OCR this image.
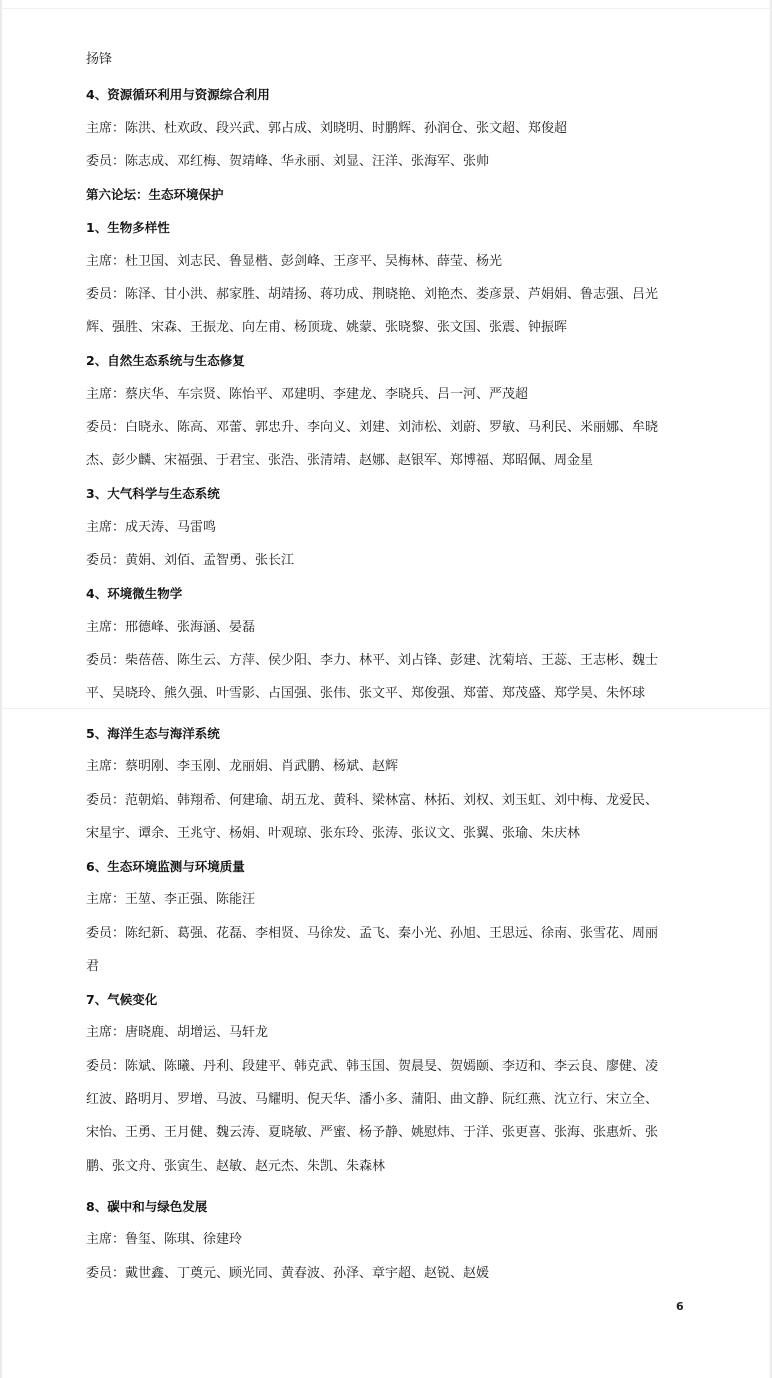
扬锋
4、资源循环利用与资源综合利用
主席：陈洪、杜欢政、段兴武、郭占成、刘晓明、时鹏辉、孙润仓、张文超、郑俊超
委员：陈志成、邓红梅、贺靖峰、华永丽、刘显、汪洋、张海军、张帅
第六论坛：生态环境保护
1、生物多样性
主席：杜卫国、刘志民、鲁显楷、彭剑峰、王彦平、吴梅林、薛莹、杨光
委员：陈泽、甘小洪、郝家胜、胡靖扬、蒋功成、荆晓艳、刘艳杰、娄彦景、芦娟娟、鲁志强、吕光
辉、强胜、宋森、王振龙、向左甫、杨顶珑、姚蒙、张晓黎、张文国、张震、钟振晖
2、自然生态系统与生态修复
主席：蔡庆华、车宗贤、陈怡平、邓建明、李建龙、李晓兵、吕一河、严茂超
委员：白晓永、陈高、邓蕾、郭忠升、李向义、刘建、刘沛松、刘蔚、罗敏、马利民、米丽娜、牟晓
杰、彭少麟、宋福强、于君宝、张浩、张清靖、赵娜、赵银军、郑博福、郑昭佩、周金星
3、大气科学与生态系统
主席：成天涛、马雷鸣
委员：黄娟、刘佰、孟智勇、张长江
4、环境微生物学
主席：邢德峰、张海涵、晏磊
委员：柴蓓蓓、陈生云、方萍、侯少阳、李力、林平、刘占锋、彭建、沈菊培、王蕊、王志彬、魏士
平、吴晓玲、熊久强、叶雪影、占国强、张伟、张文平、郑俊强、郑蕾、郑茂盛、郑学昊、朱怀球
5、海洋生态与海洋系统
主席：蔡明刚、李玉刚、龙丽娟、肖武鹏、杨斌、赵辉
委员：范朝焰、韩翔希、何建瑜、胡五龙、黄科、梁林富、林拓、刘权、刘玉虹、刘中梅、龙爱民、
宋星宇、谭余、王兆守、杨娟、叶观琼、张东玲、张涛、张议文、张翼、张瑜、朱庆林
6、生态环境监测与环境质量
主席：王堃、李正强、陈能汪
委员：陈纪新、葛强、花磊、李相贤、马徐发、孟飞、秦小光、孙旭、王思远、徐南、张雪花、周丽
君
7、气候变化
主席：唐晓鹿、胡增运、马轩龙
委员：陈斌、陈曦、丹利、段建平、韩克武、韩玉国、贺晨旻、贺嫣颐、李迈和、李云良、廖健、凌
红波、路明月、罗增、马波、马耀明、倪天华、潘小多、蒲阳、曲文静、阮红燕、沈立行、宋立全、
宋怡、王勇、王月健、魏云涛、夏晓敏、严蜜、杨予静、姚慰炜、于洋、张更喜、张海、张惠炘、张
鹏、张文舟、张寅生、赵敏、赵元杰、朱凯、朱森林
8、碳中和与绿色发展
主席：鲁玺、陈琪、徐建玲
委员：戴世鑫、丁奠元、顾光同、黄春波、孙泽、章宇超、赵锐、赵媛
6
